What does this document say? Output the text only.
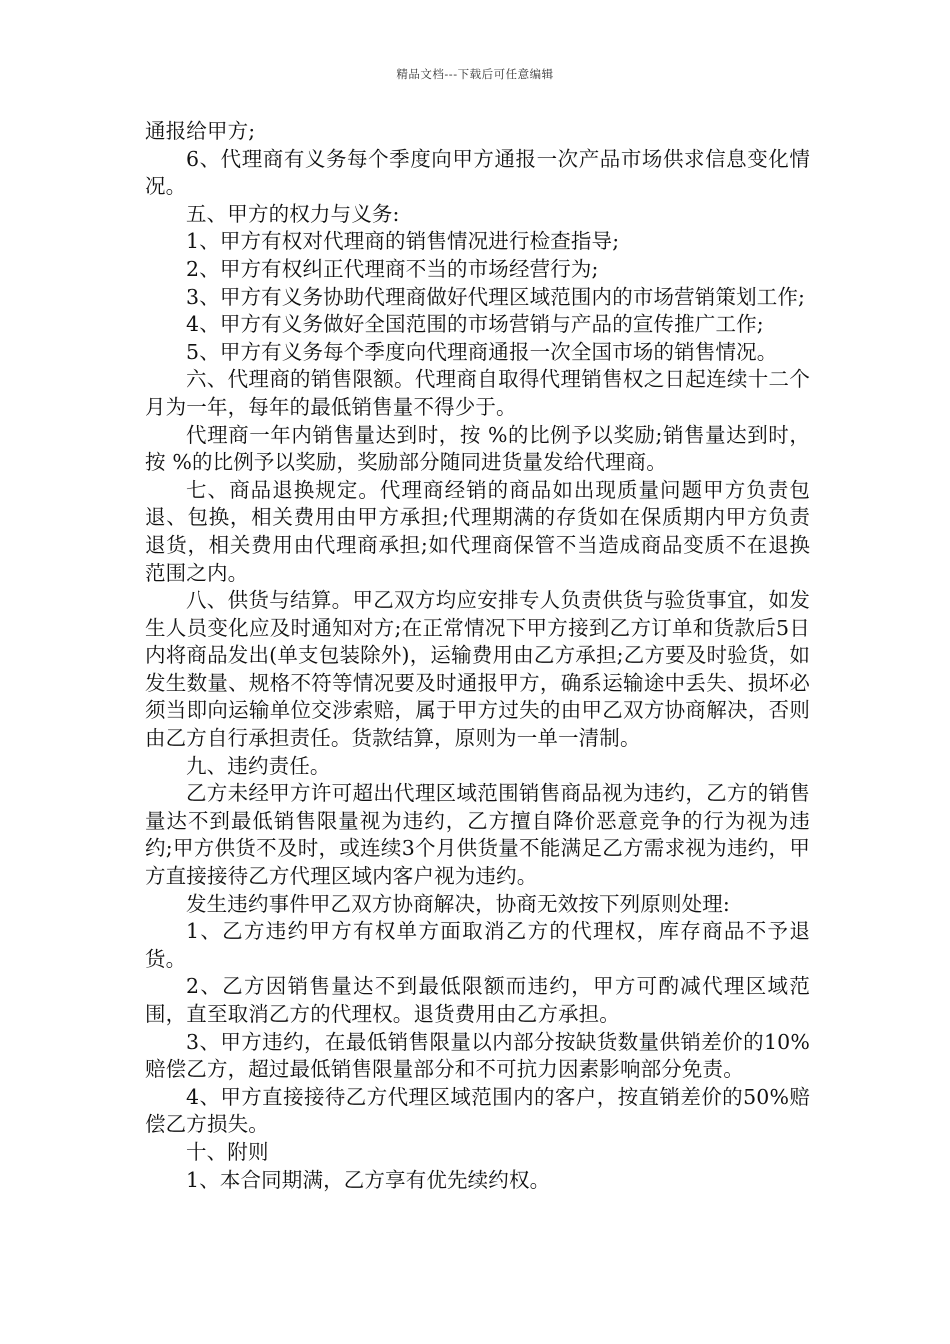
精品文档---下载后可任意编辑

通报给甲方;

6、代理商有义务每个季度向甲方通报一次产品市场供求信息变化情况。

五、甲方的权力与义务:

1、甲方有权对代理商的销售情况进行检查指导;

2、甲方有权纠正代理商不当的市场经营行为;

3、甲方有义务协助代理商做好代理区域范围内的市场营销策划工作;

4、甲方有义务做好全国范围的市场营销与产品的宣传推广工作;

5、甲方有义务每个季度向代理商通报一次全国市场的销售情况。

六、代理商的销售限额。代理商自取得代理销售权之日起连续十二个月为一年，每年的最低销售量不得少于。

代理商一年内销售量达到时，按 %的比例予以奖励;销售量达到时，按 %的比例予以奖励，奖励部分随同进货量发给代理商。

七、商品退换规定。代理商经销的商品如出现质量问题甲方负责包退、包换，相关费用由甲方承担;代理期满的存货如在保质期内甲方负责退货，相关费用由代理商承担;如代理商保管不当造成商品变质不在退换范围之内。

八、供货与结算。甲乙双方均应安排专人负责供货与验货事宜，如发生人员变化应及时通知对方;在正常情况下甲方接到乙方订单和货款后5日内将商品发出(单支包装除外)，运输费用由乙方承担;乙方要及时验货，如发生数量、规格不符等情况要及时通报甲方，确系运输途中丢失、损坏必须当即向运输单位交涉索赔，属于甲方过失的由甲乙双方协商解决，否则由乙方自行承担责任。货款结算，原则为一单一清制。

九、违约责任。

乙方未经甲方许可超出代理区域范围销售商品视为违约，乙方的销售量达不到最低销售限量视为违约，乙方擅自降价恶意竞争的行为视为违约;甲方供货不及时，或连续3个月供货量不能满足乙方需求视为违约，甲方直接接待乙方代理区域内客户视为违约。

发生违约事件甲乙双方协商解决，协商无效按下列原则处理:

1、乙方违约甲方有权单方面取消乙方的代理权，库存商品不予退货。

2、乙方因销售量达不到最低限额而违约，甲方可酌减代理区域范围，直至取消乙方的代理权。退货费用由乙方承担。

3、甲方违约，在最低销售限量以内部分按缺货数量供销差价的10%赔偿乙方，超过最低销售限量部分和不可抗力因素影响部分免责。

4、甲方直接接待乙方代理区域范围内的客户，按直销差价的50%赔偿乙方损失。

十、附则

1、本合同期满，乙方享有优先续约权。
